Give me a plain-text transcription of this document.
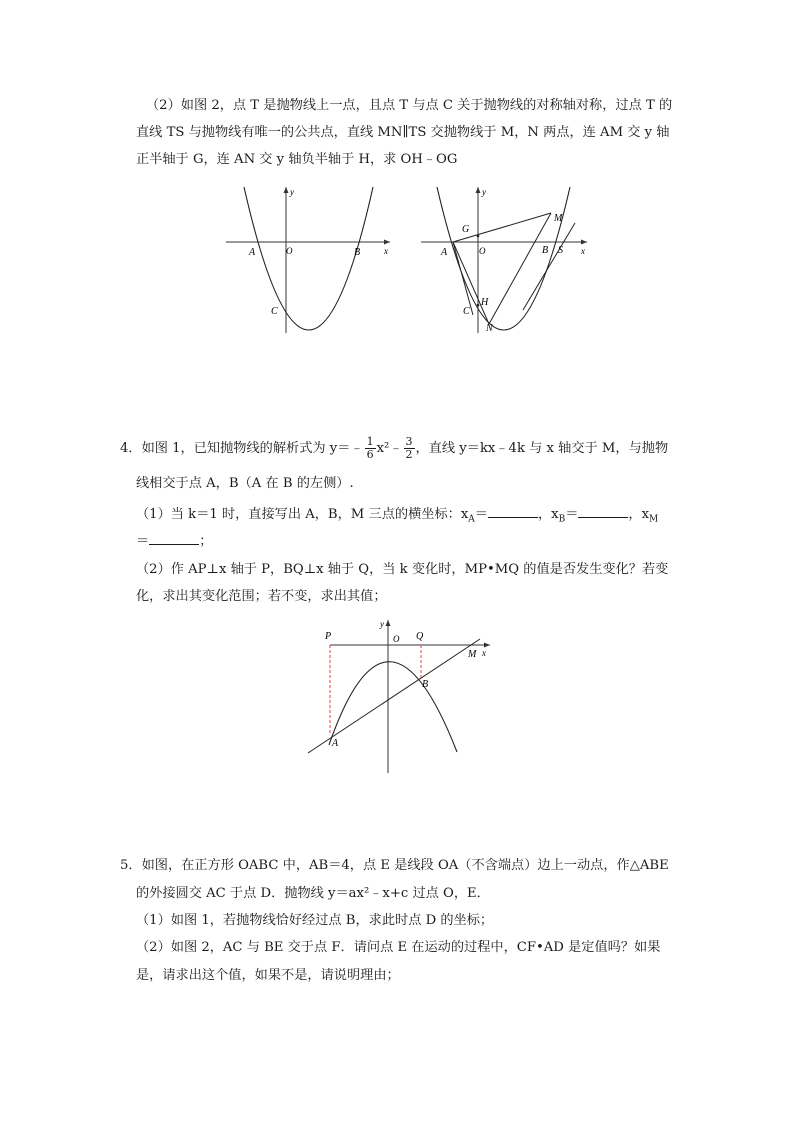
（2）如图 2，点 T 是抛物线上一点，且点 T 与点 C 关于抛物线的对称轴对称，过点 T 的
直线 TS 与抛物线有唯一的公共点，直线 MN∥TS 交抛物线于 M，N 两点，连 AM 交 y 轴
正半轴于 G，连 AN 交 y 轴负半轴于 H，求 OH﹣OG
y
x
O
A	B
C
y
x
O
A	B S
G
M
H
C
N
4．如图 1，已知抛物线的解析式为 y＝﹣ $\frac{1}{6}$ x²﹣ $\frac{3}{2}$ ，直线 y＝kx﹣4k 与 x 轴交于 M，与抛物
线相交于点 A，B（A 在 B 的左侧）.
（1）当 k＝1 时，直接写出 A，B，M 三点的横坐标：$x_A=$	，$x_B=$	，$x_M$
＝	；
（2）作 AP⊥x 轴于 P，BQ⊥x 轴于 Q，当 k 变化时，MP•MQ 的值是否发生变化？若变
化，求出其变化范围；若不变，求出其值；
y
x
O
P	Q
M
A
B
5．如图，在正方形 OABC 中，AB＝4，点 E 是线段 OA（不含端点）边上一动点，作△ABE
的外接圆交 AC 于点 D．抛物线 y＝ax²﹣x+c 过点 O，E．
（1）如图 1，若抛物线恰好经过点 B，求此时点 D 的坐标；
（2）如图 2，AC 与 BE 交于点 F．请问点 E 在运动的过程中，CF•AD 是定值吗？如果
是，请求出这个值，如果不是，请说明理由；
